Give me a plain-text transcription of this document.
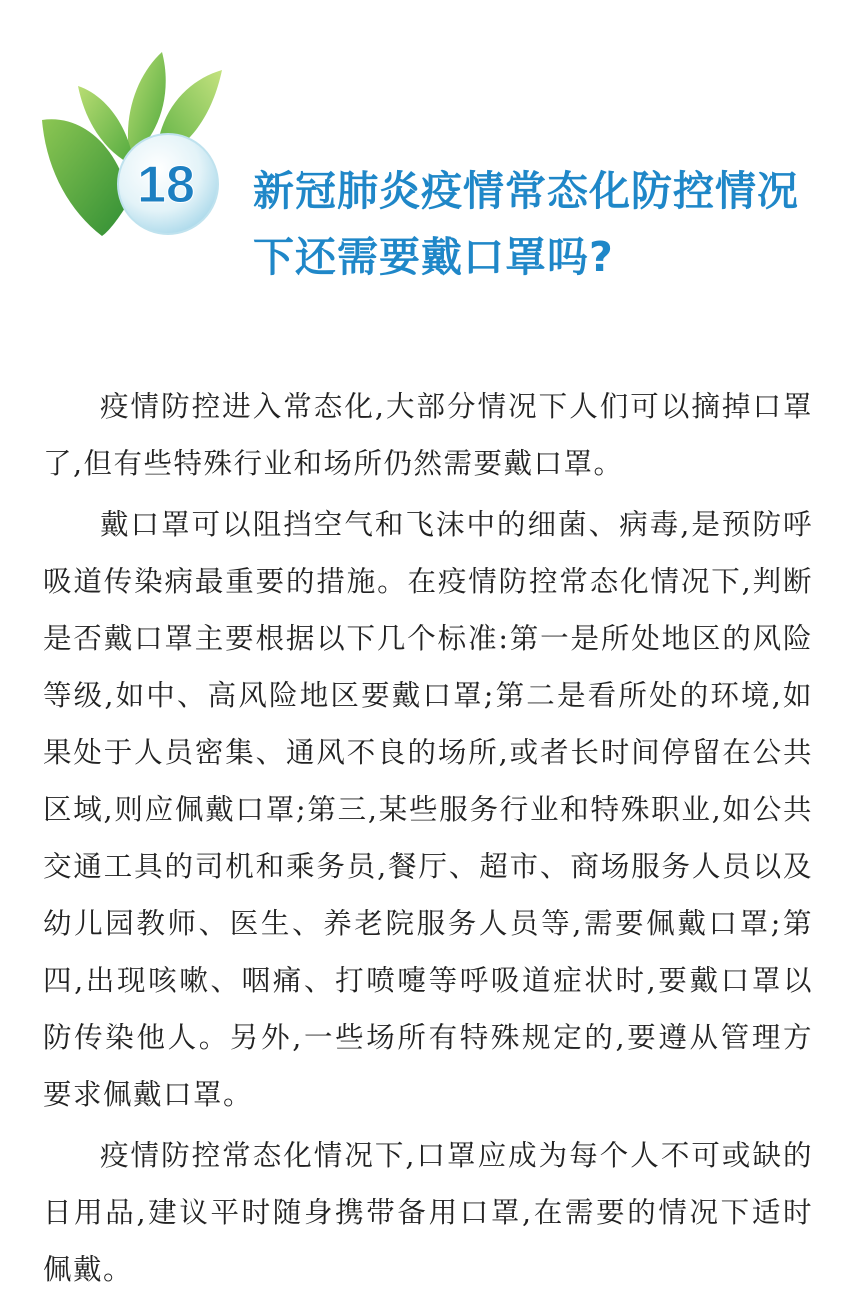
18 新冠肺炎疫情常态化防控情况下还需要戴口罩吗?

疫情防控进入常态化,大部分情况下人们可以摘掉口罩了,但有些特殊行业和场所仍然需要戴口罩。

戴口罩可以阻挡空气和飞沫中的细菌、病毒,是预防呼吸道传染病最重要的措施。在疫情防控常态化情况下,判断是否戴口罩主要根据以下几个标准:第一是所处地区的风险等级,如中、高风险地区要戴口罩;第二是看所处的环境,如果处于人员密集、通风不良的场所,或者长时间停留在公共区域,则应佩戴口罩;第三,某些服务行业和特殊职业,如公共交通工具的司机和乘务员,餐厅、超市、商场服务人员以及幼儿园教师、医生、养老院服务人员等,需要佩戴口罩;第四,出现咳嗽、咽痛、打喷嚏等呼吸道症状时,要戴口罩以防传染他人。另外,一些场所有特殊规定的,要遵从管理方要求佩戴口罩。

疫情防控常态化情况下,口罩应成为每个人不可或缺的日用品,建议平时随身携带备用口罩,在需要的情况下适时佩戴。
